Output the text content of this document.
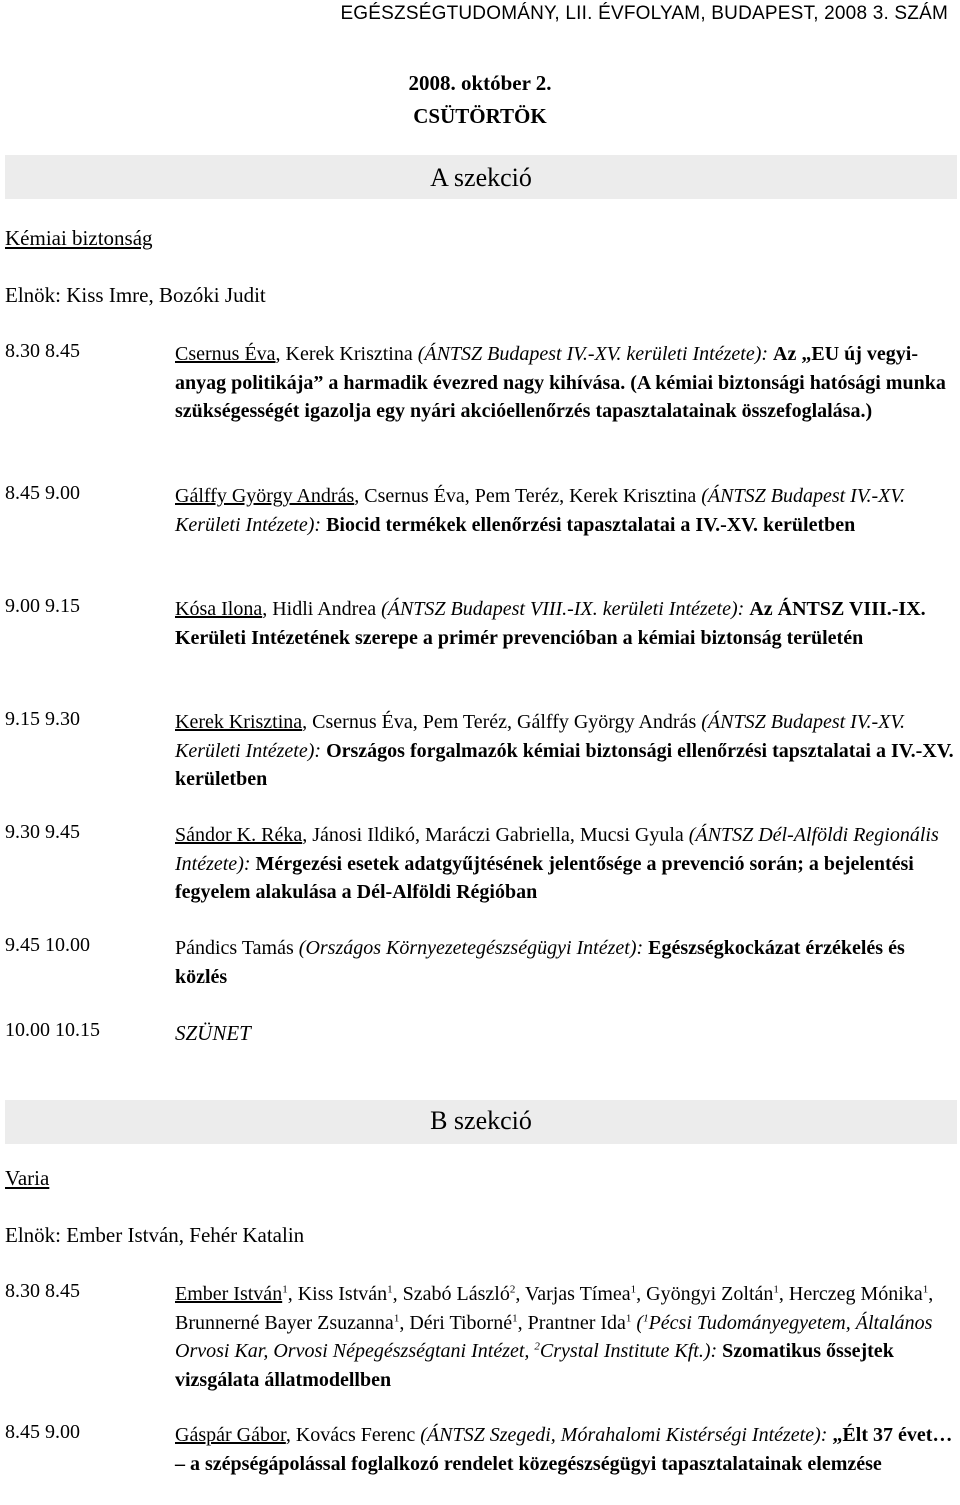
EGÉSZSÉGTUDOMÁNY, LII. ÉVFOLYAM, BUDAPEST, 2008 3. SZÁM
2008. október 2.
CSÜTÖRTÖK
A szekció
Kémiai biztonság
Elnök: Kiss Imre, Bozóki Judit
8.30 8.45	Csernus Éva, Kerek Krisztina (ÁNTSZ Budapest IV.-XV. kerületi Intézete): Az „EU új vegyi-anyag politikája” a harmadik évezred nagy kihívása. (A kémiai biztonsági hatósági munka szükségességét igazolja egy nyári akcióellenőrzés tapasztalatainak összefoglalása.)
8.45 9.00	Gálffy György András, Csernus Éva, Pem Teréz, Kerek Krisztina (ÁNTSZ Budapest IV.-XV. Kerületi Intézete): Biocid termékek ellenőrzési tapasztalatai a IV.-XV. kerületben
9.00 9.15	Kósa Ilona, Hidli Andrea (ÁNTSZ Budapest VIII.-IX. kerületi Intézete): Az ÁNTSZ VIII.-IX. Kerületi Intézetének szerepe a primér prevencióban a kémiai biztonság területén
9.15 9.30	Kerek Krisztina, Csernus Éva, Pem Teréz, Gálffy György András (ÁNTSZ Budapest IV.-XV. Kerületi Intézete): Országos forgalmazók kémiai biztonsági ellenőrzési tapsztalatai a IV.-XV. kerületben
9.30 9.45	Sándor K. Réka, Jánosi Ildikó, Maráczi Gabriella, Mucsi Gyula (ÁNTSZ Dél-Alföldi Regionális Intézete): Mérgezési esetek adatgyűjtésének jelentősége a prevenció során; a bejelentési fegyelem alakulása a Dél-Alföldi Régióban
9.45 10.00	Pándics Tamás (Országos Környezetegészségügyi Intézet): Egészségkockázat érzékelés és közlés
10.00 10.15	SZÜNET
B szekció
Varia
Elnök: Ember István, Fehér Katalin
8.30 8.45	Ember István$^1$, Kiss István$^1$, Szabó László$^2$, Varjas Tímea$^1$, Gyöngyi Zoltán$^1$, Herczeg Mónika$^1$, Brunnerné Bayer Zsuzanna$^1$, Déri Tiborné$^1$, Prantner Ida$^1$ ($^1$Pécsi Tudományegyetem, Általános Orvosi Kar, Orvosi Népegészségtani Intézet, $^2$Crystal Institute Kft.): Szomatikus őssejtek vizsgálata állatmodellben
8.45 9.00	Gáspár Gábor, Kovács Ferenc (ÁNTSZ Szegedi, Mórahalomi Kistérségi Intézete): „Élt 37 évet… – a szépségápolással foglalkozó rendelet közegészségügyi tapasztalatainak elemzése
